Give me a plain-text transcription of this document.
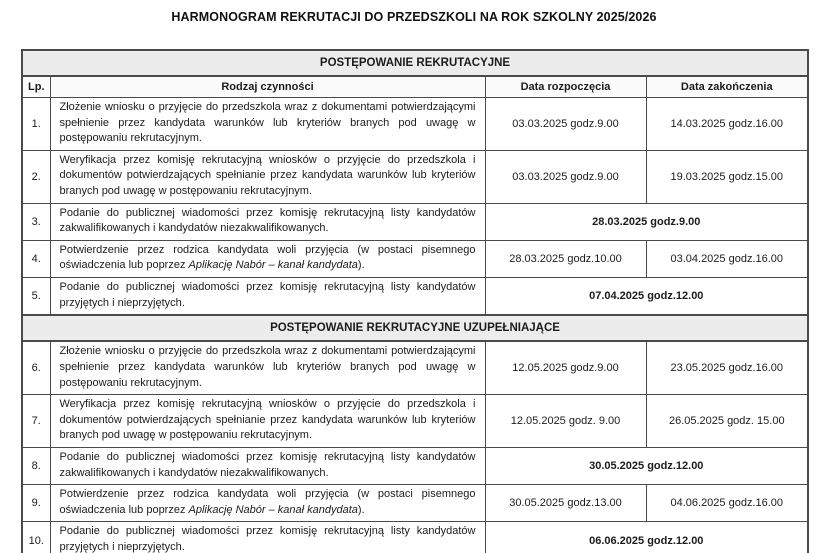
HARMONOGRAM REKRUTACJI DO PRZEDSZKOLI NA ROK SZKOLNY 2025/2026
POSTĘPOWANIE REKRUTACYJNE			
Lp.	Rodzaj czynności	Data rozpoczęcia	Data zakończenia
1.	Złożenie wniosku o przyjęcie do przedszkola wraz z dokumentami potwierdzającymi spełnienie przez kandydata warunków lub kryteriów branych pod uwagę w postępowaniu rekrutacyjnym.	03.03.2025 godz.9.00	14.03.2025 godz.16.00
2.	Weryfikacja przez komisję rekrutacyjną wniosków o przyjęcie do przedszkola i dokumentów potwierdzających spełnianie przez kandydata warunków lub kryteriów branych pod uwagę w postępowaniu rekrutacyjnym.	03.03.2025 godz.9.00	19.03.2025 godz.15.00
3.	Podanie do publicznej wiadomości przez komisję rekrutacyjną listy kandydatów zakwalifikowanych i kandydatów niezakwalifikowanych.	28.03.2025 godz.9.00	
4.	Potwierdzenie przez rodzica kandydata woli przyjęcia (w postaci pisemnego oświadczenia lub poprzez Aplikację Nabór – kanał kandydata).	28.03.2025 godz.10.00	03.04.2025 godz.16.00
5.	Podanie do publicznej wiadomości przez komisję rekrutacyjną listy kandydatów przyjętych i nieprzyjętych.	07.04.2025 godz.12.00	
POSTĘPOWANIE REKRUTACYJNE UZUPEŁNIAJĄCE			
6.	Złożenie wniosku o przyjęcie do przedszkola wraz z dokumentami potwierdzającymi spełnienie przez kandydata warunków lub kryteriów branych pod uwagę w postępowaniu rekrutacyjnym.	12.05.2025 godz.9.00	23.05.2025 godz.16.00
7.	Weryfikacja przez komisję rekrutacyjną wniosków o przyjęcie do przedszkola i dokumentów potwierdzających spełnianie przez kandydata warunków lub kryteriów branych pod uwagę w postępowaniu rekrutacyjnym.	12.05.2025 godz. 9.00	26.05.2025 godz. 15.00
8.	Podanie do publicznej wiadomości przez komisję rekrutacyjną listy kandydatów zakwalifikowanych i kandydatów niezakwalifikowanych.	30.05.2025 godz.12.00	
9.	Potwierdzenie przez rodzica kandydata woli przyjęcia (w postaci pisemnego oświadczenia lub poprzez Aplikację Nabór – kanał kandydata).	30.05.2025 godz.13.00	04.06.2025 godz.16.00
10.	Podanie do publicznej wiadomości przez komisję rekrutacyjną listy kandydatów przyjętych i nieprzyjętych.	06.06.2025 godz.12.00	
